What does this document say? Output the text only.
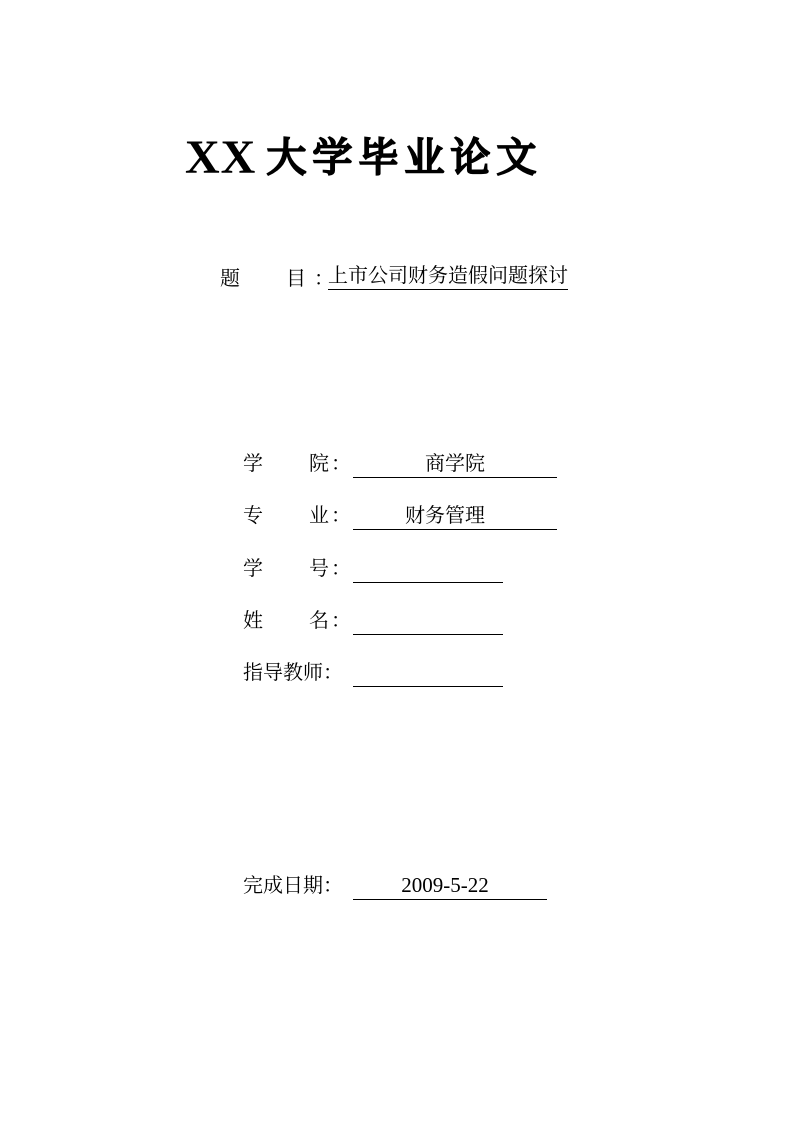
XX 大学毕业论文
题 目 ：
上市公司财务造假问题探讨
学 院 ：	商学院
专 业 ：	财务管理
学 号 ：
姓 名 ：
指导教师：
完成日期：	2009-5-22
